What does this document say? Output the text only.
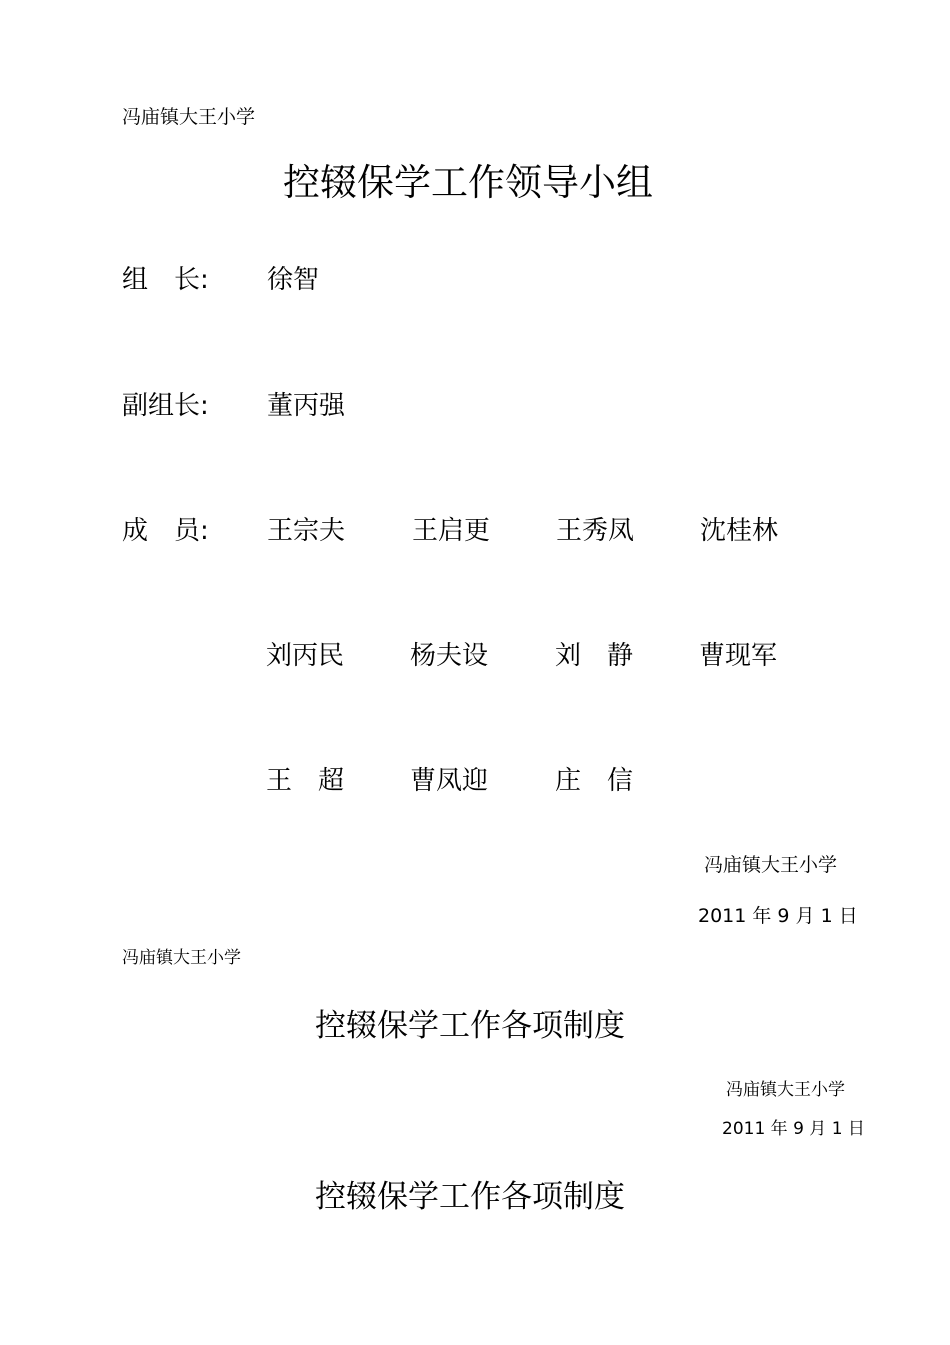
冯庙镇大王小学
控辍保学工作领导小组
组　长: 徐智
副组长: 董丙强
成　员: 王宗夫	王启更	王秀凤	沈桂林
刘丙民	杨夫设	刘　静	曹现军
王　超	曹凤迎	庄　信
冯庙镇大王小学
2011 年 9 月 1 日
冯庙镇大王小学
控辍保学工作各项制度
冯庙镇大王小学
2011 年 9 月 1 日
控辍保学工作各项制度
